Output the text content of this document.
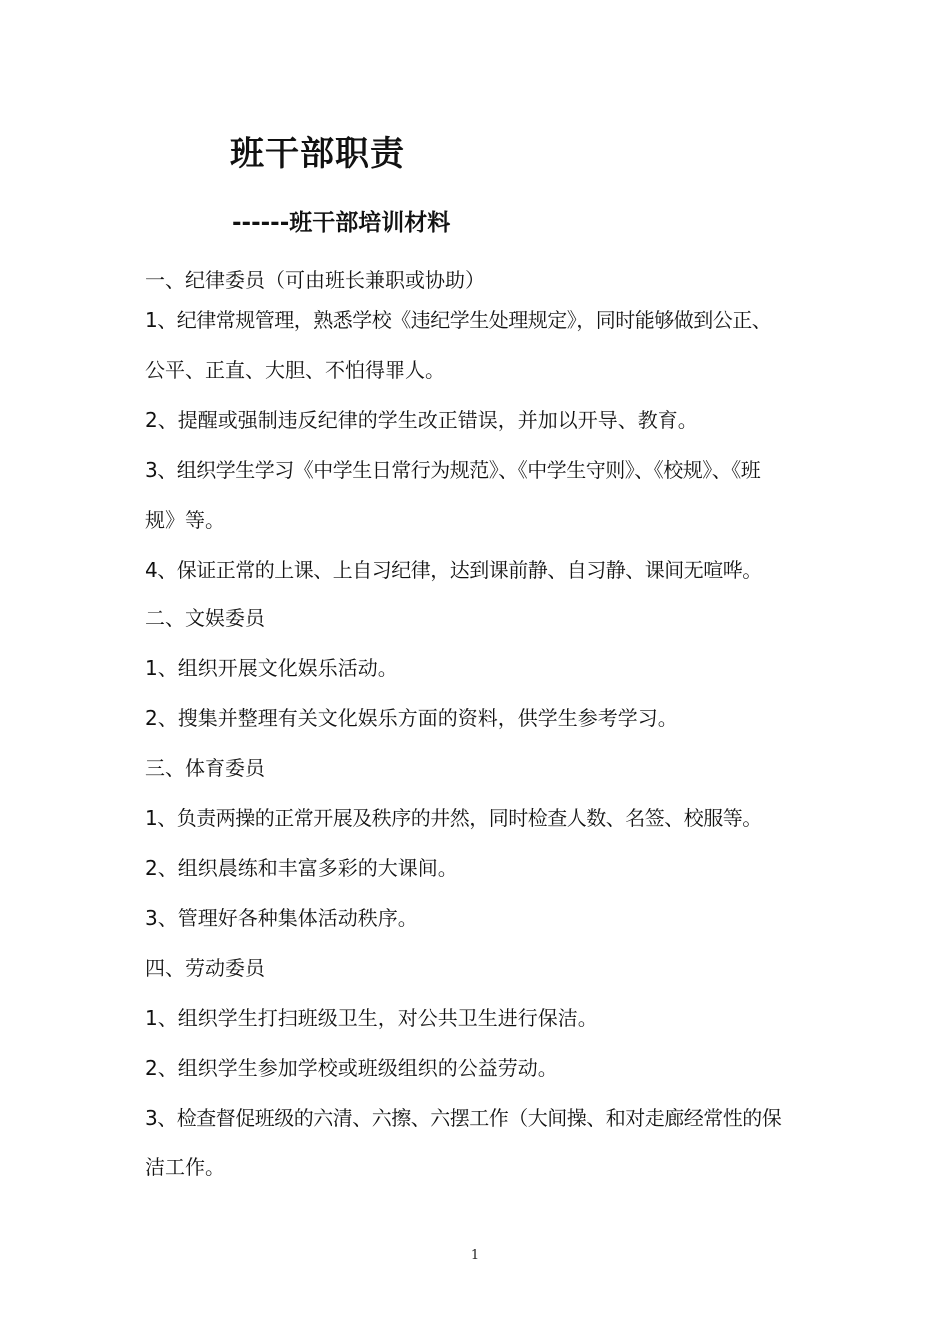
班干部职责
------班干部培训材料
一、纪律委员（可由班长兼职或协助）
1、纪律常规管理，熟悉学校《违纪学生处理规定》，同时能够做到公正、
公平、正直、大胆、不怕得罪人。
2、提醒或强制违反纪律的学生改正错误，并加以开导、教育。
3、组织学生学习《中学生日常行为规范》、《中学生守则》、《校规》、《班
规》等。
4、保证正常的上课、上自习纪律，达到课前静、自习静、课间无喧哗。
二、文娱委员
1、组织开展文化娱乐活动。
2、搜集并整理有关文化娱乐方面的资料，供学生参考学习。
三、体育委员
1、负责两操的正常开展及秩序的井然，同时检查人数、名签、校服等。
2、组织晨练和丰富多彩的大课间。
3、管理好各种集体活动秩序。
四、劳动委员
1、组织学生打扫班级卫生，对公共卫生进行保洁。
2、组织学生参加学校或班级组织的公益劳动。
3、检查督促班级的六清、六擦、六摆工作（大间操、和对走廊经常性的保
洁工作。
1
